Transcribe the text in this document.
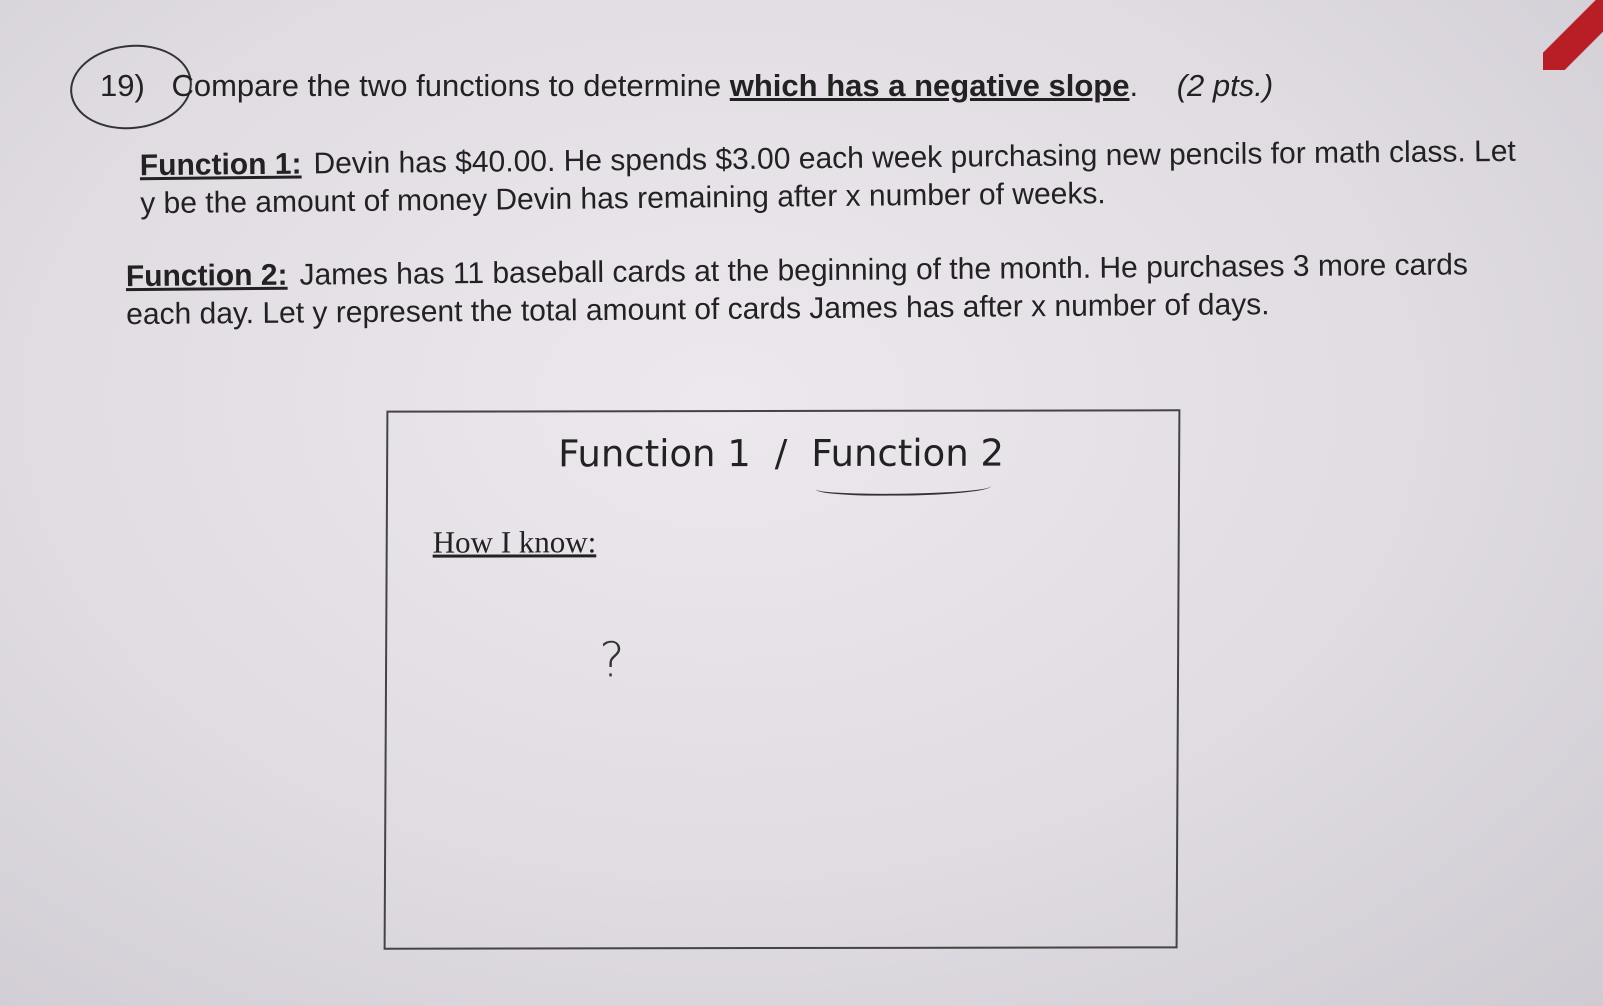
19) Compare the two functions to determine which has a negative slope. (2 pts.)
Function 1: Devin has $40.00. He spends $3.00 each week purchasing new pencils for math class. Let y be the amount of money Devin has remaining after x number of weeks.
Function 2: James has 11 baseball cards at the beginning of the month. He purchases 3 more cards each day. Let y represent the total amount of cards James has after x number of days.
Function 1 / Function 2
How I know:
?
